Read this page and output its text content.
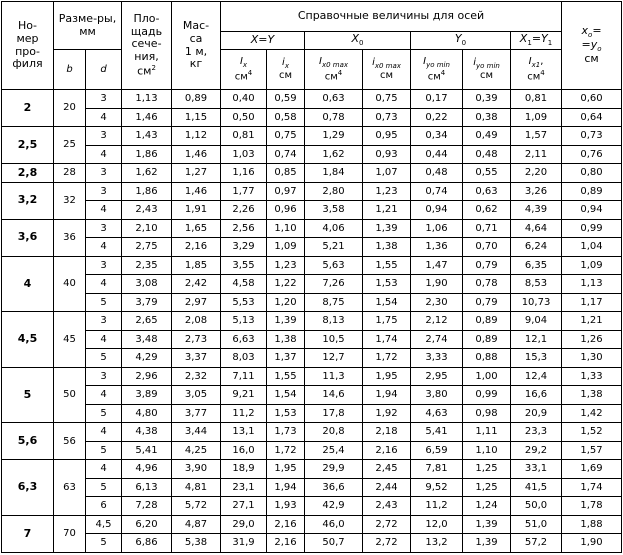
Но-
мер
про-
филя	Разме-ры, мм		Пло-
щадь
сече-
ния,
$см^2$	Мас-
са
1 м,
кг	Справочные величины для осей							$x_o=$
$=y_o$
см
					X=Y		$X_0$		$Y_0$		$X_1=Y_1$
	b	d			$I_x$
$см^4$	$i_x$
см	$I_{x0 max}$
$см^4$	$i_{x0 max}$
см	$I_{yo min}$
$см^4$	$i_{yo min}$
см	$I_{x1}$,
$см^4$
2	20	3	1,13	0,89	0,40	0,59	0,63	0,75	0,17	0,39	0,81	0,60
		4	1,46	1,15	0,50	0,58	0,78	0,73	0,22	0,38	1,09	0,64
2,5	25	3	1,43	1,12	0,81	0,75	1,29	0,95	0,34	0,49	1,57	0,73
		4	1,86	1,46	1,03	0,74	1,62	0,93	0,44	0,48	2,11	0,76
2,8	28	3	1,62	1,27	1,16	0,85	1,84	1,07	0,48	0,55	2,20	0,80
3,2	32	3	1,86	1,46	1,77	0,97	2,80	1,23	0,74	0,63	3,26	0,89
		4	2,43	1,91	2,26	0,96	3,58	1,21	0,94	0,62	4,39	0,94
3,6	36	3	2,10	1,65	2,56	1,10	4,06	1,39	1,06	0,71	4,64	0,99
		4	2,75	2,16	3,29	1,09	5,21	1,38	1,36	0,70	6,24	1,04
4	40	3	2,35	1,85	3,55	1,23	5,63	1,55	1,47	0,79	6,35	1,09
		4	3,08	2,42	4,58	1,22	7,26	1,53	1,90	0,78	8,53	1,13
		5	3,79	2,97	5,53	1,20	8,75	1,54	2,30	0,79	10,73	1,17
4,5	45	3	2,65	2,08	5,13	1,39	8,13	1,75	2,12	0,89	9,04	1,21
		4	3,48	2,73	6,63	1,38	10,5	1,74	2,74	0,89	12,1	1,26
		5	4,29	3,37	8,03	1,37	12,7	1,72	3,33	0,88	15,3	1,30
5	50	3	2,96	2,32	7,11	1,55	11,3	1,95	2,95	1,00	12,4	1,33
		4	3,89	3,05	9,21	1,54	14,6	1,94	3,80	0,99	16,6	1,38
		5	4,80	3,77	11,2	1,53	17,8	1,92	4,63	0,98	20,9	1,42
5,6	56	4	4,38	3,44	13,1	1,73	20,8	2,18	5,41	1,11	23,3	1,52
		5	5,41	4,25	16,0	1,72	25,4	2,16	6,59	1,10	29,2	1,57
6,3	63	4	4,96	3,90	18,9	1,95	29,9	2,45	7,81	1,25	33,1	1,69
		5	6,13	4,81	23,1	1,94	36,6	2,44	9,52	1,25	41,5	1,74
		6	7,28	5,72	27,1	1,93	42,9	2,43	11,2	1,24	50,0	1,78
7	70	4,5	6,20	4,87	29,0	2,16	46,0	2,72	12,0	1,39	51,0	1,88
		5	6,86	5,38	31,9	2,16	50,7	2,72	13,2	1,39	57,2	1,90
